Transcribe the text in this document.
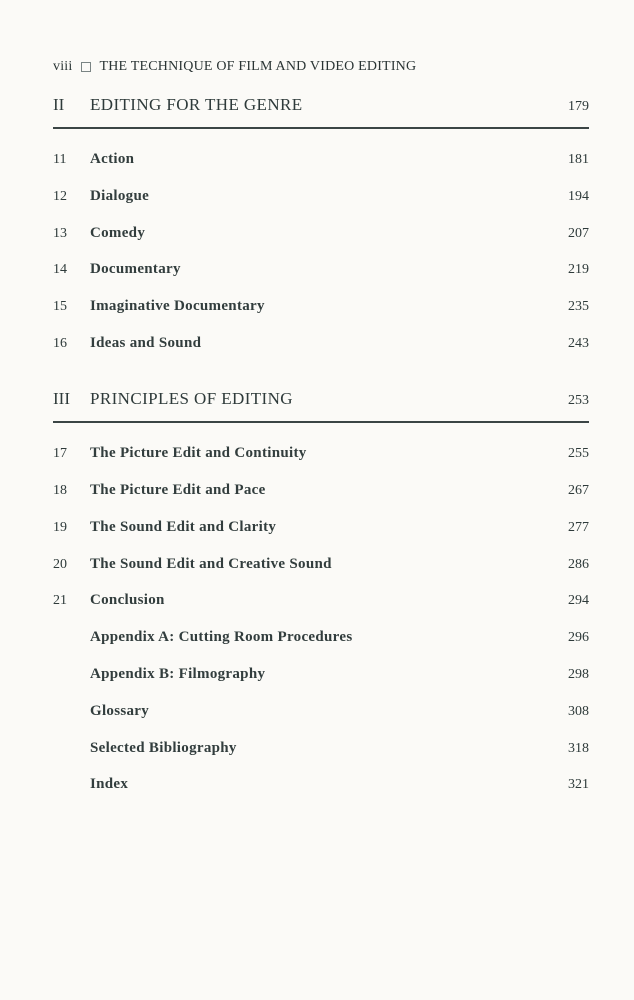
viii THE TECHNIQUE OF FILM AND VIDEO EDITING
II	EDITING FOR THE GENRE	179
11	Action	181
12	Dialogue	194
13	Comedy	207
14	Documentary	219
15	Imaginative Documentary	235
16	Ideas and Sound	243
III	PRINCIPLES OF EDITING	253
17	The Picture Edit and Continuity	255
18	The Picture Edit and Pace	267
19	The Sound Edit and Clarity	277
20	The Sound Edit and Creative Sound	286
21	Conclusion	294
Appendix A: Cutting Room Procedures	296
Appendix B: Filmography	298
Glossary	308
Selected Bibliography	318
Index	321
